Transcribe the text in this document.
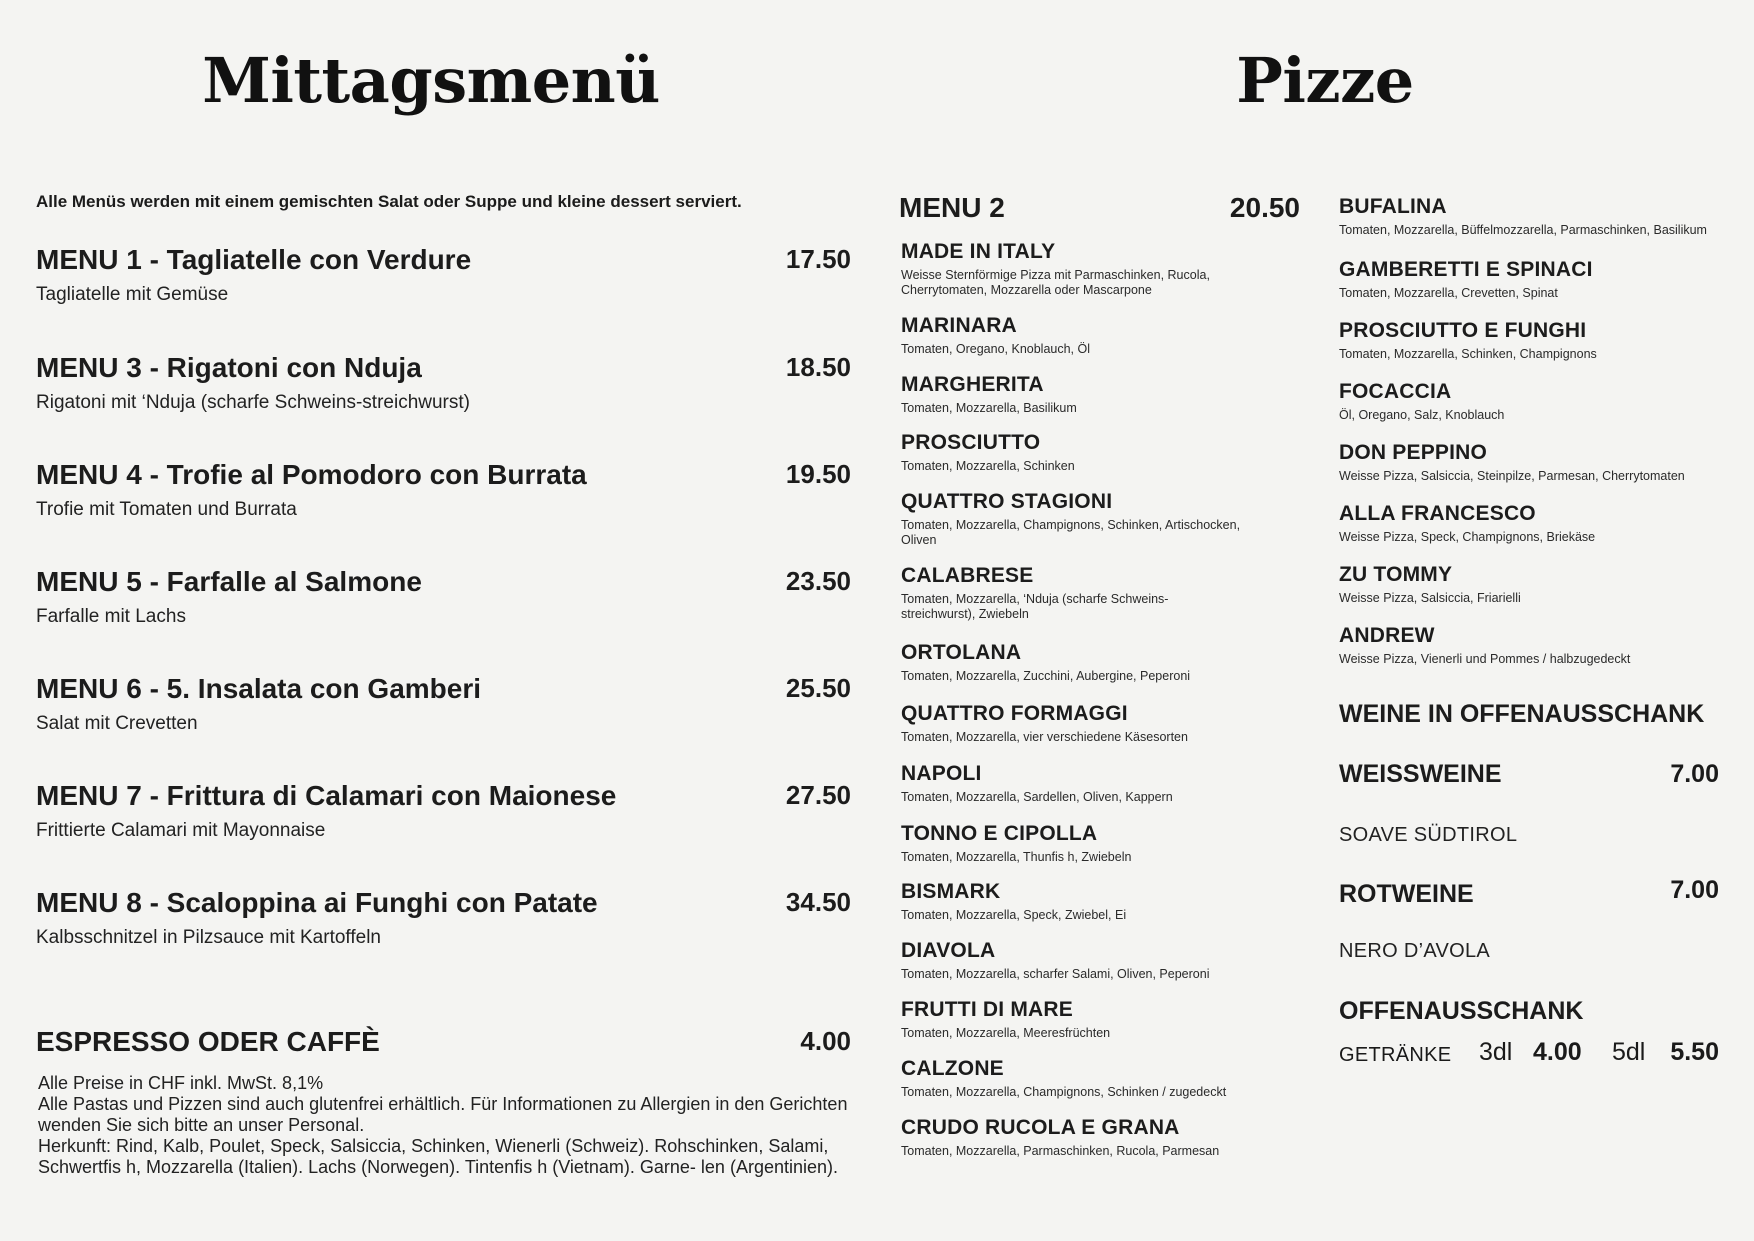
Mittagsmenü
Alle Menüs werden mit einem gemischten Salat oder Suppe und kleine dessert serviert.
MENU 1 - Tagliatelle con Verdure	17.50
Tagliatelle mit Gemüse
MENU 3 - Rigatoni con Nduja	18.50
Rigatoni mit ‘Nduja (scharfe Schweins-streichwurst)
MENU 4 - Trofie al Pomodoro con Burrata	19.50
Trofie mit Tomaten und Burrata
MENU 5 - Farfalle al Salmone	23.50
Farfalle mit Lachs
MENU 6 - 5. Insalata con Gamberi	25.50
Salat mit Crevetten
MENU 7 - Frittura di Calamari con Maionese	27.50
Frittierte Calamari mit Mayonnaise
MENU 8 - Scaloppina ai Funghi con Patate	34.50
Kalbsschnitzel in Pilzsauce mit Kartoffeln
ESPRESSO ODER CAFFÈ	4.00
Alle Preise in CHF inkl. MwSt. 8,1%
Alle Pastas und Pizzen sind auch glutenfrei erhältlich. Für Informationen zu Allergien in den Gerichten wenden Sie sich bitte an unser Personal.
Herkunft: Rind, Kalb, Poulet, Speck, Salsiccia, Schinken, Wienerli (Schweiz). Rohschinken, Salami, Schwertfis h, Mozzarella (Italien). Lachs (Norwegen). Tintenfis h (Vietnam). Garne- len (Argentinien).
Pizze
MENU 2	20.50
MADE IN ITALY
Weisse Sternförmige Pizza mit Parmaschinken, Rucola, Cherrytomaten, Mozzarella oder Mascarpone
MARINARA
Tomaten, Oregano, Knoblauch, Öl
MARGHERITA
Tomaten, Mozzarella, Basilikum
PROSCIUTTO
Tomaten, Mozzarella, Schinken
QUATTRO STAGIONI
Tomaten, Mozzarella, Champignons, Schinken, Artischocken, Oliven
CALABRESE
Tomaten, Mozzarella, ‘Nduja (scharfe Schweins-streichwurst), Zwiebeln
ORTOLANA
Tomaten, Mozzarella, Zucchini, Aubergine, Peperoni
QUATTRO FORMAGGI
Tomaten, Mozzarella, vier verschiedene Käsesorten
NAPOLI
Tomaten, Mozzarella, Sardellen, Oliven, Kappern
TONNO E CIPOLLA
Tomaten, Mozzarella, Thunfis h, Zwiebeln
BISMARK
Tomaten, Mozzarella, Speck, Zwiebel, Ei
DIAVOLA
Tomaten, Mozzarella, scharfer Salami, Oliven, Peperoni
FRUTTI DI MARE
Tomaten, Mozzarella, Meeresfrüchten
CALZONE
Tomaten, Mozzarella, Champignons, Schinken / zugedeckt
CRUDO RUCOLA E GRANA
Tomaten, Mozzarella, Parmaschinken, Rucola, Parmesan
BUFALINA
Tomaten, Mozzarella, Büffelmozzarella, Parmaschinken, Basilikum
GAMBERETTI E SPINACI
Tomaten, Mozzarella, Crevetten, Spinat
PROSCIUTTO E FUNGHI
Tomaten, Mozzarella, Schinken, Champignons
FOCACCIA
Öl, Oregano, Salz, Knoblauch
DON PEPPINO
Weisse Pizza, Salsiccia, Steinpilze, Parmesan, Cherrytomaten
ALLA FRANCESCO
Weisse Pizza, Speck, Champignons, Briekäse
ZU TOMMY
Weisse Pizza, Salsiccia, Friarielli
ANDREW
Weisse Pizza, Vienerli und Pommes / halbzugedeckt
WEINE IN OFFENAUSSCHANK
WEISSWEINE	7.00
SOAVE SÜDTIROL
ROTWEINE	7.00
NERO D’AVOLA
OFFENAUSSCHANK
GETRÄNKE 3dl 4.00 5dl 5.50
